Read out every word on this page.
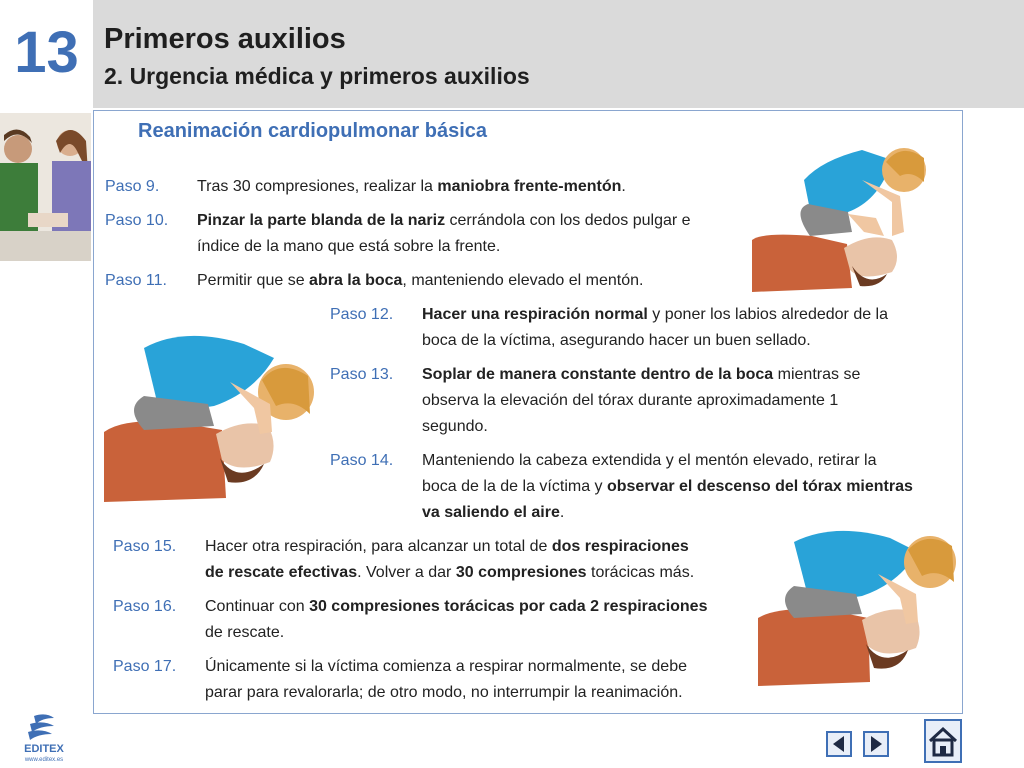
13 Primeros auxilios
2. Urgencia médica y primeros auxilios
Reanimación cardiopulmonar básica
Paso 9. Tras 30 compresiones, realizar la maniobra frente-mentón.
Paso 10. Pinzar la parte blanda de la nariz cerrándola con los dedos pulgar e
índice de la mano que está sobre la frente.
Paso 11. Permitir que se abra la boca, manteniendo elevado el mentón.
Paso 12. Hacer una respiración normal y poner los labios alrededor de la
boca de la víctima, asegurando hacer un buen sellado.
Paso 13. Soplar de manera constante dentro de la boca mientras se
observa la elevación del tórax durante aproximadamente 1
segundo.
Paso 14. Manteniendo la cabeza extendida y el mentón elevado, retirar la
boca de la de la víctima y observar el descenso del tórax mientras
va saliendo el aire.
Paso 15. Hacer otra respiración, para alcanzar un total de dos respiraciones
de rescate efectivas. Volver a dar 30 compresiones torácicas más.
Paso 16. Continuar con 30 compresiones torácicas por cada 2 respiraciones
de rescate.
Paso 17. Únicamente si la víctima comienza a respirar normalmente, se debe
parar para revalorarla; de otro modo, no interrumpir la reanimación.
EDITEX
www.editex.es
